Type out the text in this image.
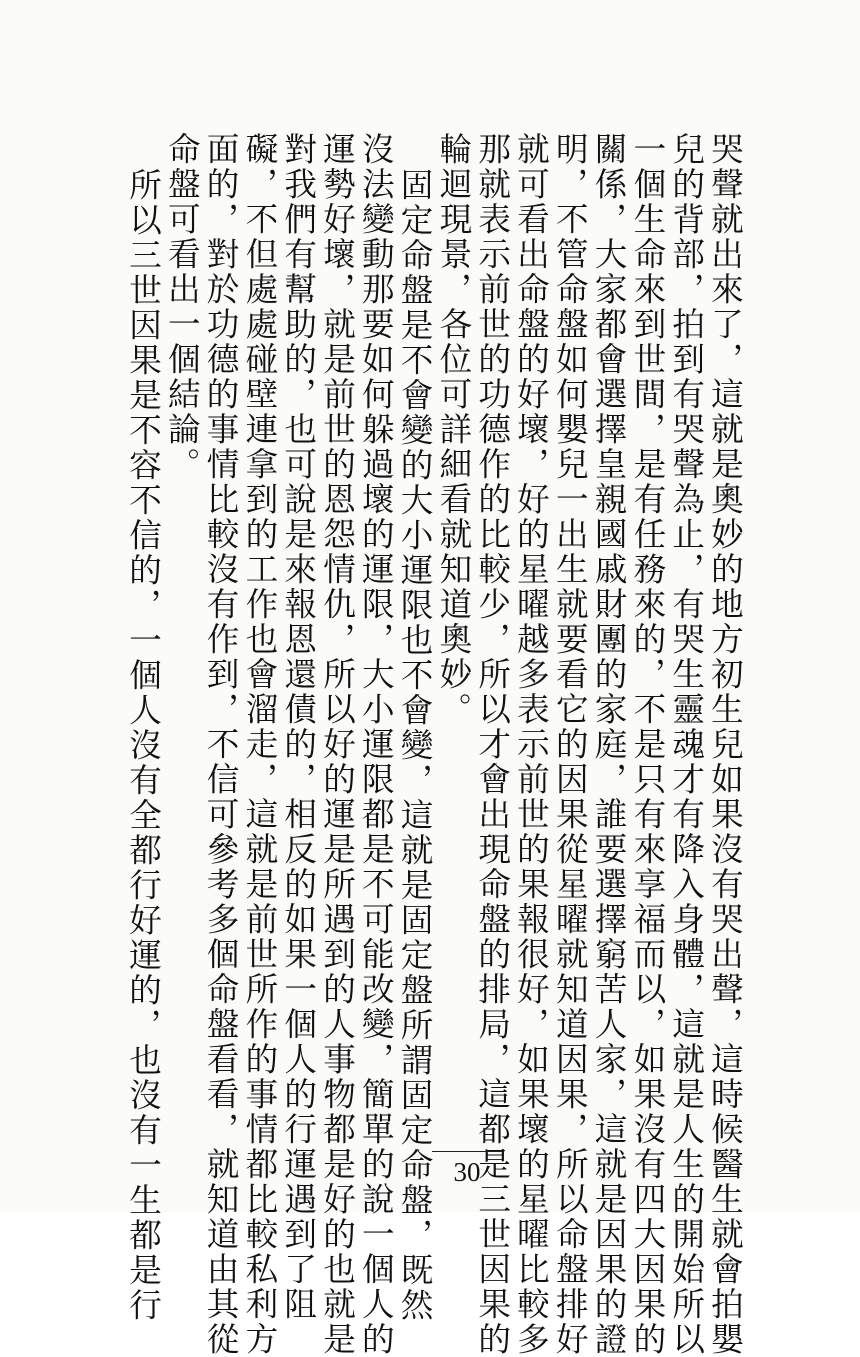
哭聲就出來了，這就是奧妙的地方初生兒如果沒有哭出聲，這時候醫生就會拍嬰
兒的背部，拍到有哭聲為止，有哭生靈魂才有降入身體，這就是人生的開始所以
一個生命來到世間，是有任務來的，不是只有來享福而以，如果沒有四大因果的
關係，大家都會選擇皇親國戚財團的家庭，誰要選擇窮苦人家，這就是因果的證
明，不管命盤如何嬰兒一出生就要看它的因果從星曜就知道因果，所以命盤排好
就可看出命盤的好壞，好的星曜越多表示前世的果報很好，如果壞的星曜比較多
那就表示前世的功德作的比較少，所以才會出現命盤的排局，這都是三世因果的
輪迴現景，各位可詳細看就知道奧妙。
固定命盤是不會變的大小運限也不會變，這就是固定盤所謂固定命盤，既然
沒法變動那要如何躲過壞的運限，大小運限都是不可能改變，簡單的說一個人的
運勢好壞，就是前世的恩怨情仇，所以好的運是所遇到的人事物都是好的也就是
對我們有幫助的，也可說是來報恩還債的，相反的如果一個人的行運遇到了阻
礙，不但處處碰壁連拿到的工作也會溜走，這就是前世所作的事情都比較私利方
面的，對於功德的事情比較沒有作到，不信可參考多個命盤看看，就知道由其從
命盤可看出一個結論。
所以三世因果是不容不信的，一個人沒有全都行好運的，也沒有一生都是行	30
